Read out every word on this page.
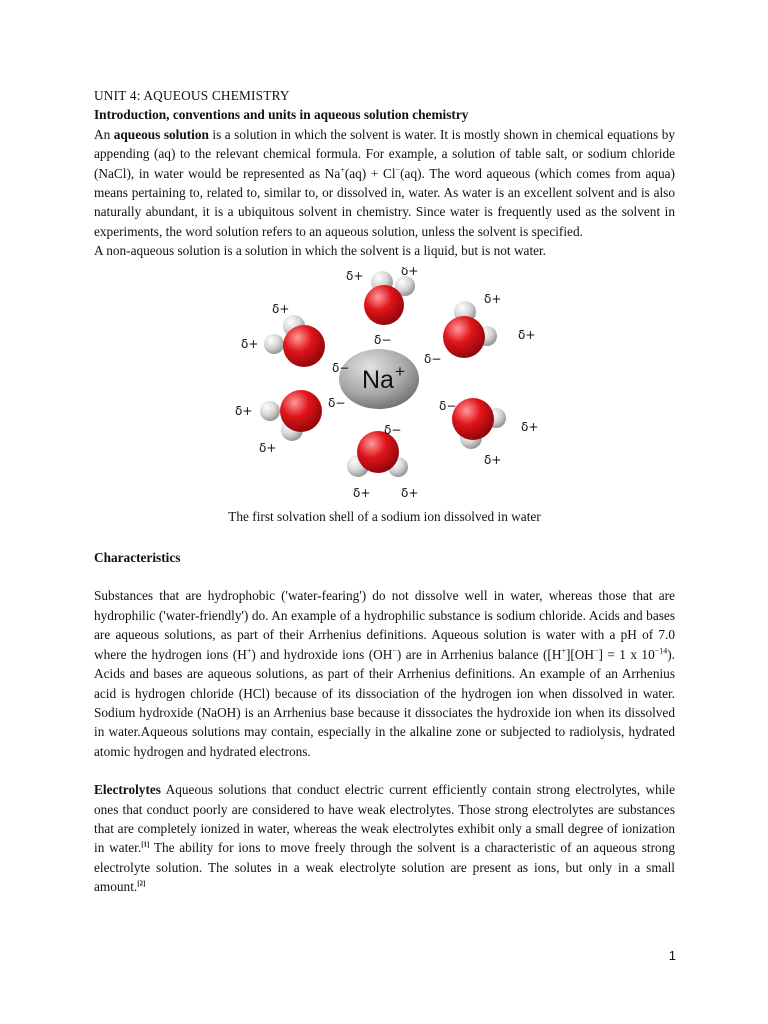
UNIT 4: AQUEOUS CHEMISTRY
Introduction, conventions and units in aqueous solution chemistry

An aqueous solution is a solution in which the solvent is water. It is mostly shown in chemical equations by appending (aq) to the relevant chemical formula. For example, a solution of table salt, or sodium chloride (NaCl), in water would be represented as Na+(aq) + Cl−(aq). The word aqueous (which comes from aqua) means pertaining to, related to, similar to, or dissolved in, water. As water is an excellent solvent and is also naturally abundant, it is a ubiquitous solvent in chemistry. Since water is frequently used as the solvent in experiments, the word solution refers to an aqueous solution, unless the solvent is specified.

A non-aqueous solution is a solution in which the solvent is a liquid, but is not water.

Na+
δ+	δ+
δ+
δ+
δ+
δ+
δ+
δ+
δ+
δ+
δ+	δ+
δ−
δ−
δ−
δ−	δ−
δ−
The first solvation shell of a sodium ion dissolved in water
Characteristics

Substances that are hydrophobic ('water-fearing') do not dissolve well in water, whereas those that are hydrophilic ('water-friendly') do. An example of a hydrophilic substance is sodium chloride. Acids and bases are aqueous solutions, as part of their Arrhenius definitions. Aqueous solution is water with a pH of 7.0 where the hydrogen ions (H+) and hydroxide ions (OH−) are in Arrhenius balance ([H+][OH−] = 1 x $10^{-14}$). Acids and bases are aqueous solutions, as part of their Arrhenius definitions. An example of an Arrhenius acid is hydrogen chloride (HCl) because of its dissociation of the hydrogen ion when dissolved in water. Sodium hydroxide (NaOH) is an Arrhenius base because it dissociates the hydroxide ion when its dissolved in water.Aqueous solutions may contain, especially in the alkaline zone or subjected to radiolysis, hydrated atomic hydrogen and hydrated electrons.

Electrolytes Aqueous solutions that conduct electric current efficiently contain strong electrolytes, while ones that conduct poorly are considered to have weak electrolytes. Those strong electrolytes are substances that are completely ionized in water, whereas the weak electrolytes exhibit only a small degree of ionization in water.[1] The ability for ions to move freely through the solvent is a characteristic of an aqueous strong electrolyte solution. The solutes in a weak electrolyte solution are present as ions, but only in a small amount.[2]

1
